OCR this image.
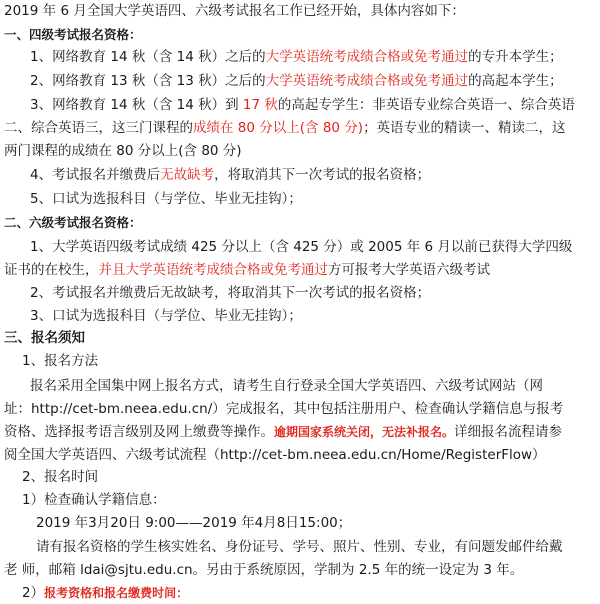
2019 年 6 月全国大学英语四、六级考试报名工作已经开始，具体内容如下：
一、四级考试报名资格：
1、网络教育 14 秋（含 14 秋）之后的大学英语统考成绩合格或免考通过的专升本学生；
2、网络教育 13 秋（含 13 秋）之后的大学英语统考成绩合格或免考通过的高起本学生；
3、网络教育 14 秋（含 14 秋）到 17 秋的高起专学生：非英语专业综合英语一、综合英语
二、综合英语三，这三门课程的成绩在 80 分以上(含 80 分)；英语专业的精读一、精读二，这
两门课程的成绩在 80 分以上(含 80 分)
4、考试报名并缴费后无故缺考，将取消其下一次考试的报名资格；
5、口试为选报科目（与学位、毕业无挂钩）；
二、六级考试报名资格：
1、大学英语四级考试成绩 425 分以上（含 425 分）或 2005 年 6 月以前已获得大学四级
证书的在校生，并且大学英语统考成绩合格或免考通过方可报考大学英语六级考试
2、考试报名并缴费后无故缺考，将取消其下一次考试的报名资格；
3、口试为选报科目（与学位、毕业无挂钩）；
三、报名须知
1、报名方法
报名采用全国集中网上报名方式，请考生自行登录全国大学英语四、六级考试网站（网
址：http://cet-bm.neea.edu.cn/）完成报名，其中包括注册用户、检查确认学籍信息与报考
资格、选择报考语言级别及网上缴费等操作。逾期国家系统关闭，无法补报名。详细报名流程请参
阅全国大学英语四、六级考试流程（http://cet-bm.neea.edu.cn/Home/RegisterFlow）
2、报名时间
1）检查确认学籍信息：
2019 年3月20日 9:00——2019 年4月8日15:00；
请有报名资格的学生核实姓名、身份证号、学号、照片、性别、专业，有问题发邮件给戴
老 师，邮箱 ldai@sjtu.edu.cn。另由于系统原因，学制为 2.5 年的统一设定为 3 年。
2）报考资格和报名缴费时间：
